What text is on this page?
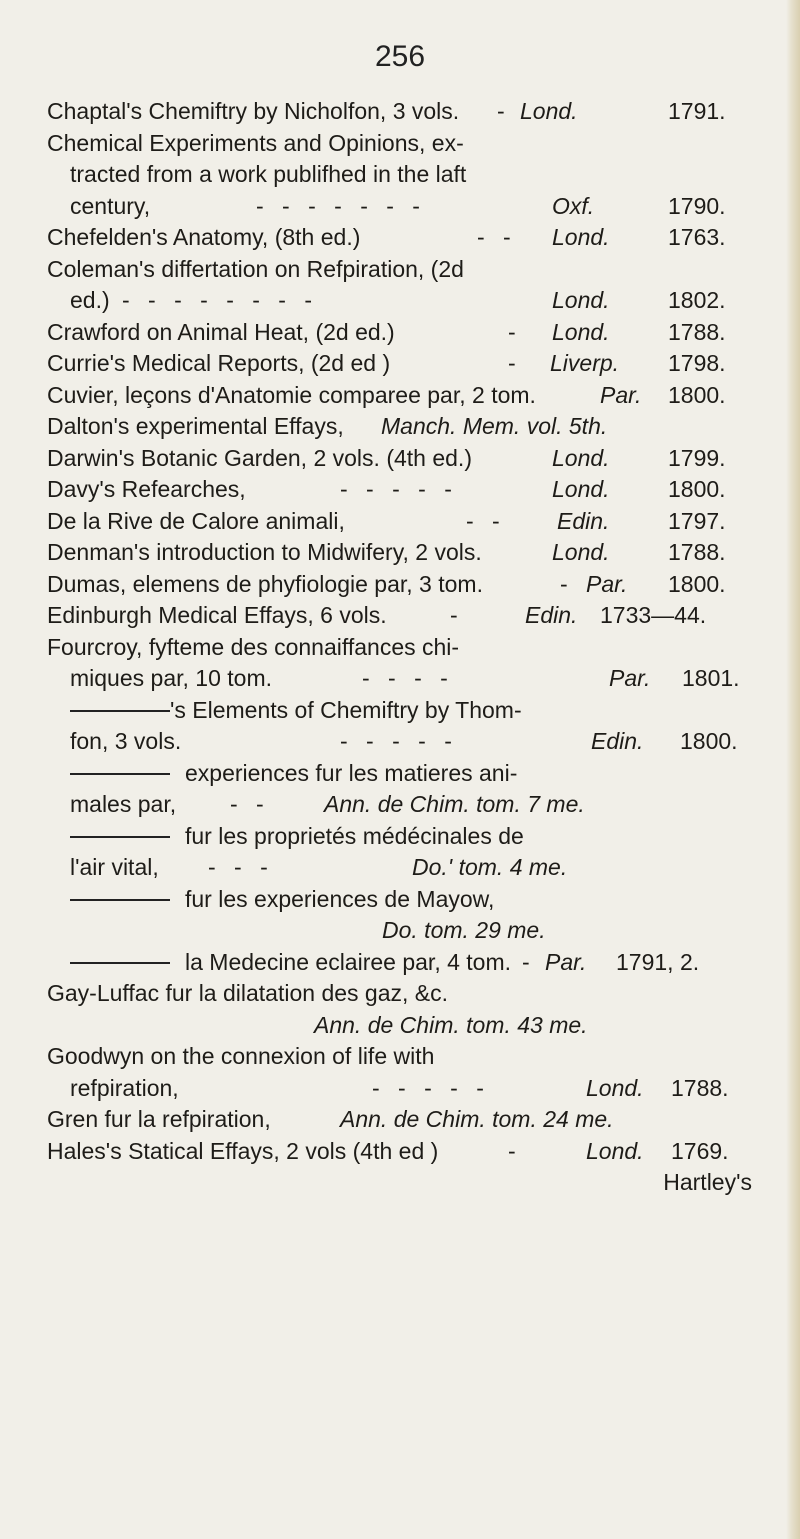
256
Chaptal's Chemiftry by Nicholfon, 3 vols. - Lond.	1791.
Chemical Experiments and Opinions, ex-
tracted from a work publifhed in the laft
century,	- - - - - - -	Oxf.	1790.
Chefelden's Anatomy, (8th ed.)	- - Lond.	1763.
Coleman's differtation on Refpiration, (2d
ed.) - - - - - - - -	Lond.	1802.
Crawford on Animal Heat, (2d ed.)	- Lond.	1788.
Currie's Medical Reports, (2d ed )	- Liverp. 1798.
Cuvier, leçons d'Anatomie comparee par, 2 tom.	Par. 1800.
Dalton's experimental Effays, Manch. Mem. vol. 5th.
Darwin's Botanic Garden, 2 vols. (4th ed.)	Lond.	1799.
Davy's Refearches,	- - - - -	Lond.	1800.
De la Rive de Calore animali,	- - Edin.	1797.
Denman's introduction to Midwifery, 2 vols.	Lond.	1788.
Dumas, elemens de phyfiologie par, 3 tom.	- Par. 1800.
Edinburgh Medical Effays, 6 vols.	-	Edin. 1733—44.
Fourcroy, fyfteme des connaiffances chi-
miques par, 10 tom.	- - - -	Par. 1801.
's Elements of Chemiftry by Thom-
fon, 3 vols.	- - - - -	Edin. 1800.
experiences fur les matieres ani-
males par, - - Ann. de Chim. tom. 7 me.
fur les proprietés médécinales de
l'air vital, - - -	Do.' tom. 4 me.
fur les experiences de Mayow,
Do. tom. 29 me.
la Medecine eclairee par, 4 tom. - Par. 1791, 2.
Gay-Luffac fur la dilatation des gaz, &c.
Ann. de Chim. tom. 43 me.
Goodwyn on the connexion of life with
refpiration,	- - - - -	Lond. 1788.
Gren fur la refpiration,	Ann. de Chim. tom. 24 me.
Hales's Statical Effays, 2 vols (4th ed )	-	Lond. 1769.
Hartley's
